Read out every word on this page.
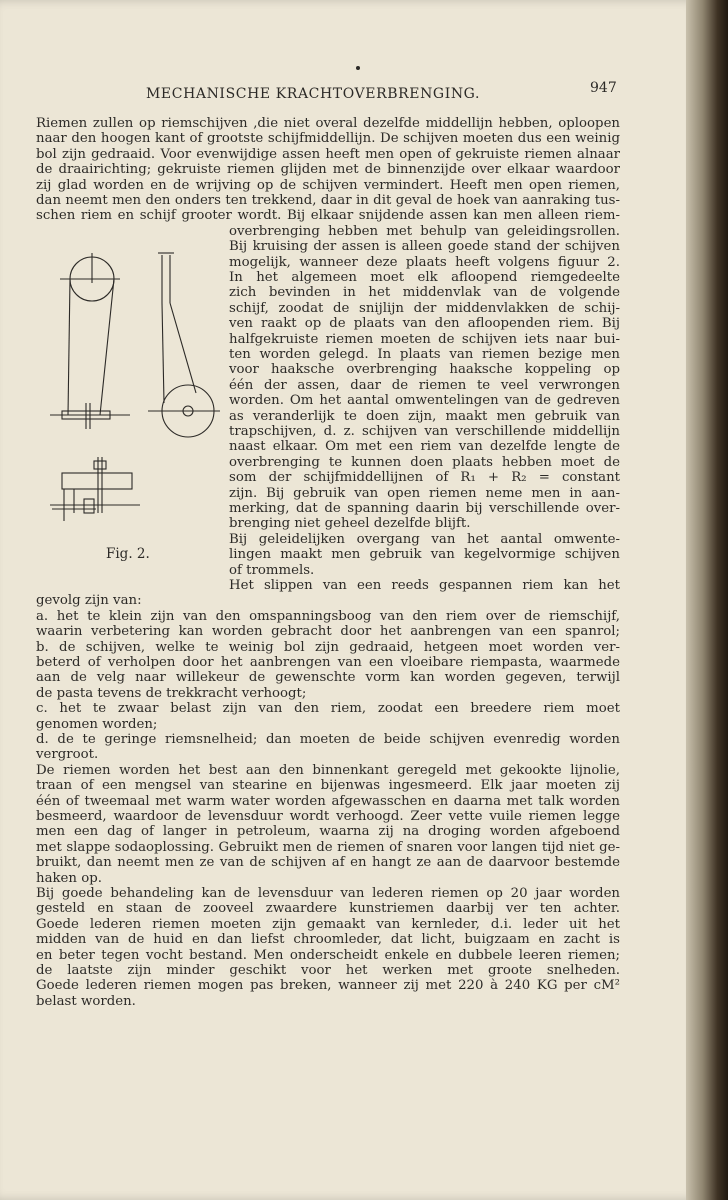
MECHANISCHE KRACHTOVERBRENGING.	947
Fig. 2.
Riemen zullen op riemschijven ,die niet overal dezelfde middellijn hebben, oploopen
naar den hoogen kant of grootste schijfmiddellijn. De schijven moeten dus een weinig
bol zijn gedraaid. Voor evenwijdige assen heeft men open of gekruiste riemen alnaar
de draairichting; gekruiste riemen glijden met de binnenzijde over elkaar waardoor
zij glad worden en de wrijving op de schijven vermindert. Heeft men open riemen,
dan neemt men den onders ten trekkend, daar in dit geval de hoek van aanraking tus-
schen riem en schijf grooter wordt. Bij elkaar snijdende assen kan men alleen riem-
overbrenging hebben met behulp van geleidingsrollen.
Bij kruising der assen is alleen goede stand der schijven
mogelijk, wanneer deze plaats heeft volgens figuur 2.
In het algemeen moet elk afloopend riemgedeelte
zich bevinden in het middenvlak van de volgende
schijf, zoodat de snijlijn der middenvlakken de schij-
ven raakt op de plaats van den afloopenden riem. Bij
halfgekruiste riemen moeten de schijven iets naar bui-
ten worden gelegd. In plaats van riemen bezige men
voor haaksche overbrenging haaksche koppeling op
één der assen, daar de riemen te veel verwrongen
worden. Om het aantal omwentelingen van de gedreven
as veranderlijk te doen zijn, maakt men gebruik van
trapschijven, d. z. schijven van verschillende middellijn
naast elkaar. Om met een riem van dezelfde lengte de
overbrenging te kunnen doen plaats hebben moet de
som der schijfmiddellijnen of R₁ + R₂ = constant
zijn. Bij gebruik van open riemen neme men in aan-
merking, dat de spanning daarin bij verschillende over-
brenging niet geheel dezelfde blijft.
Bij geleidelijken overgang van het aantal omwente-
lingen maakt men gebruik van kegelvormige schijven
of trommels.
Het slippen van een reeds gespannen riem kan het
gevolg zijn van:
a. het te klein zijn van den omspanningsboog van den riem over de riemschijf,
waarin verbetering kan worden gebracht door het aanbrengen van een spanrol;
b. de schijven, welke te weinig bol zijn gedraaid, hetgeen moet worden ver-
beterd of verholpen door het aanbrengen van een vloeibare riempasta, waarmede
aan de velg naar willekeur de gewenschte vorm kan worden gegeven, terwijl
de pasta tevens de trekkracht verhoogt;
c. het te zwaar belast zijn van den riem, zoodat een breedere riem moet
genomen worden;
d. de te geringe riemsnelheid; dan moeten de beide schijven evenredig worden
vergroot.
De riemen worden het best aan den binnenkant geregeld met gekookte lijnolie,
traan of een mengsel van stearine en bijenwas ingesmeerd. Elk jaar moeten zij
één of tweemaal met warm water worden afgewasschen en daarna met talk worden
besmeerd, waardoor de levensduur wordt verhoogd. Zeer vette vuile riemen legge
men een dag of langer in petroleum, waarna zij na droging worden afgeboend
met slappe sodaoplossing. Gebruikt men de riemen of snaren voor langen tijd niet ge-
bruikt, dan neemt men ze van de schijven af en hangt ze aan de daarvoor bestemde
haken op.
Bij goede behandeling kan de levensduur van lederen riemen op 20 jaar worden
gesteld en staan de zooveel zwaardere kunstriemen daarbij ver ten achter.
Goede lederen riemen moeten zijn gemaakt van kernleder, d.i. leder uit het
midden van de huid en dan liefst chroomleder, dat licht, buigzaam en zacht is
en beter tegen vocht bestand. Men onderscheidt enkele en dubbele leeren riemen;
de laatste zijn minder geschikt voor het werken met groote snelheden.
Goede lederen riemen mogen pas breken, wanneer zij met 220 à 240 KG per cM²
belast worden.
